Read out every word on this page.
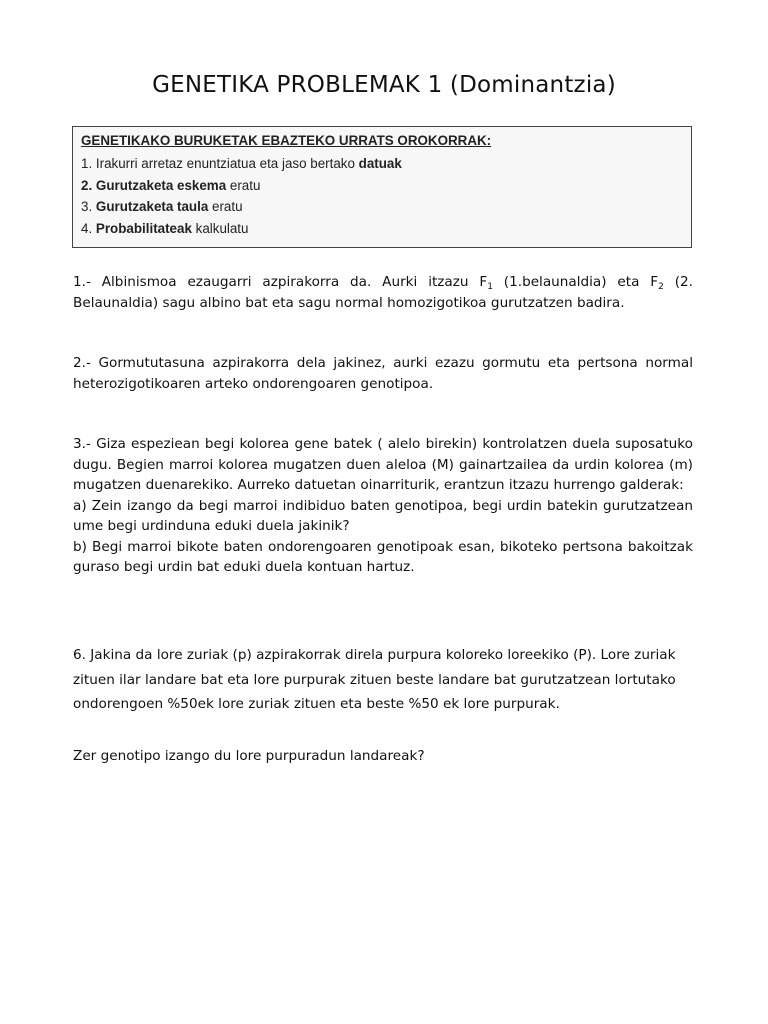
GENETIKA PROBLEMAK 1 (Dominantzia)
GENETIKAKO BURUKETAK EBAZTEKO URRATS OROKORRAK:
1. Irakurri arretaz enuntziatua eta jaso bertako datuak
2. Gurutzaketa eskema eratu
3. Gurutzaketa taula eratu
4. Probabilitateak kalkulatu
1.- Albinismoa ezaugarri azpirakorra da. Aurki itzazu $F_1$ (1.belaunaldia) eta $F_2$ (2. Belaunaldia) sagu albino bat eta sagu normal homozigotikoa gurutzatzen badira.
2.- Gormututasuna azpirakorra dela jakinez, aurki ezazu gormutu eta pertsona normal heterozigotikoaren arteko ondorengoaren genotipoa.
3.- Giza espeziean begi kolorea gene batek ( alelo birekin) kontrolatzen duela suposatuko dugu. Begien marroi kolorea mugatzen duen aleloa (M) gainartzailea da urdin kolorea (m) mugatzen duenarekiko. Aurreko datuetan oinarriturik, erantzun itzazu hurrengo galderak:
a) Zein izango da begi marroi indibiduo baten genotipoa, begi urdin batekin gurutzatzean ume begi urdinduna eduki duela jakinik?
b) Begi marroi bikote baten ondorengoaren genotipoak esan, bikoteko pertsona bakoitzak guraso begi urdin bat eduki duela kontuan hartuz.
6. Jakina da lore zuriak (p) azpirakorrak direla purpura koloreko loreekiko (P). Lore zuriak zituen ilar landare bat eta lore purpurak zituen beste landare bat gurutzatzean lortutako ondorengoen %50ek lore zuriak zituen eta beste %50 ek lore purpurak.
Zer genotipo izango du lore purpuradun landareak?
